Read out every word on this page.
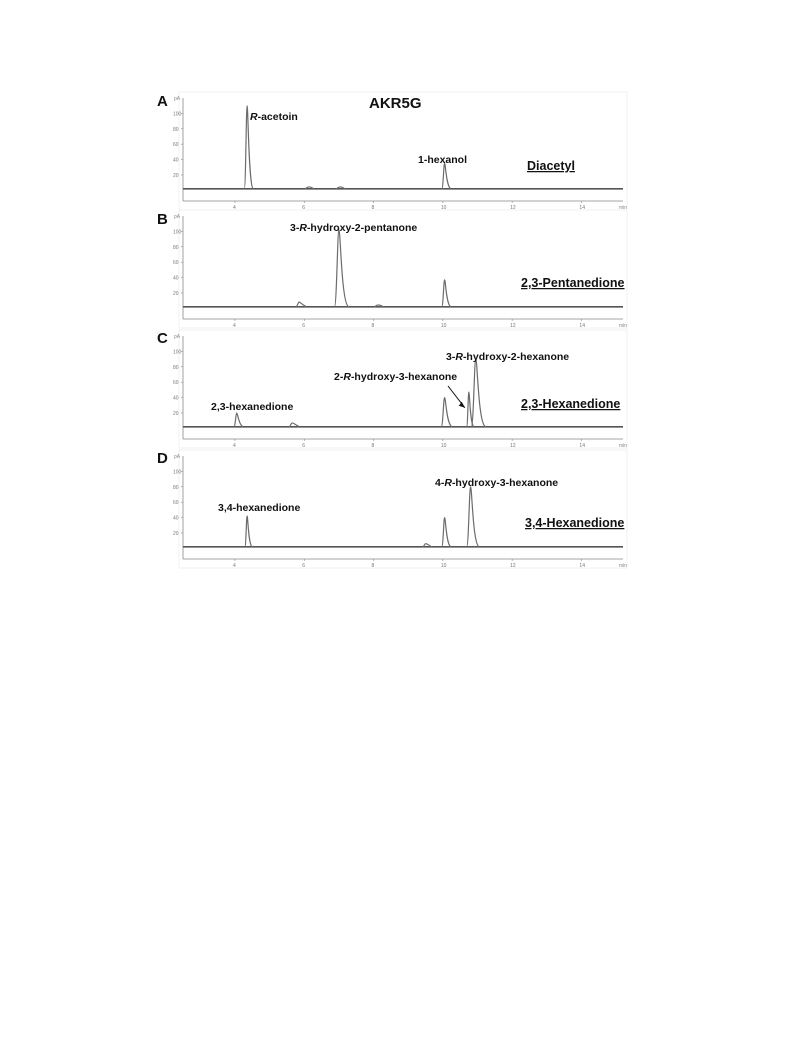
AKR5G
A pA
20
40
60
80
100
4	6	8	10	12	14	min
R-acetoin
1-hexanol	Diacetyl
B pA
20
40
60
80
100
4	6	8	10	12	14	min
3-R-hydroxy-2-pentanone
2,3-Pentanedione
C pA
20
40
60
80
100
4	6	8	10	12	14	min
2,3-hexanedione
2-R-hydroxy-3-hexanone
3-R-hydroxy-2-hexanone
2,3-Hexanedione
D pA
20
40
60
80
100
4	6	8	10	12	14	min
3,4-hexanedione
4-R-hydroxy-3-hexanone
3,4-Hexanedione
